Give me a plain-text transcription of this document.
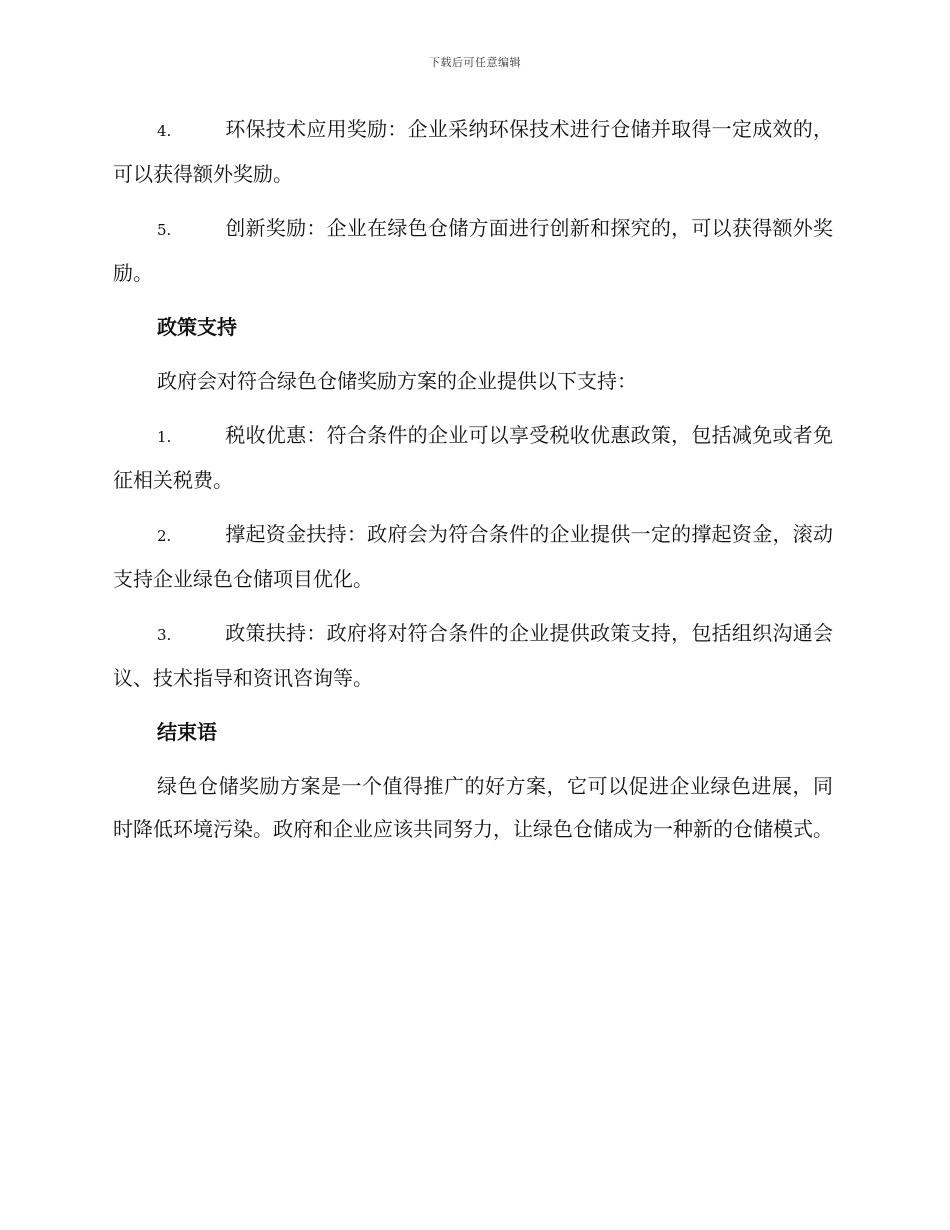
下载后可任意编辑

4.	环保技术应用奖励：企业采纳环保技术进行仓储并取得一定成效的，可以获得额外奖励。

5.	创新奖励：企业在绿色仓储方面进行创新和探究的，可以获得额外奖励。

政策支持

政府会对符合绿色仓储奖励方案的企业提供以下支持：

1.	税收优惠：符合条件的企业可以享受税收优惠政策，包括减免或者免征相关税费。

2.	撑起资金扶持：政府会为符合条件的企业提供一定的撑起资金，滚动支持企业绿色仓储项目优化。

3.	政策扶持：政府将对符合条件的企业提供政策支持，包括组织沟通会议、技术指导和资讯咨询等。

结束语

绿色仓储奖励方案是一个值得推广的好方案，它可以促进企业绿色进展，同时降低环境污染。政府和企业应该共同努力，让绿色仓储成为一种新的仓储模式。
